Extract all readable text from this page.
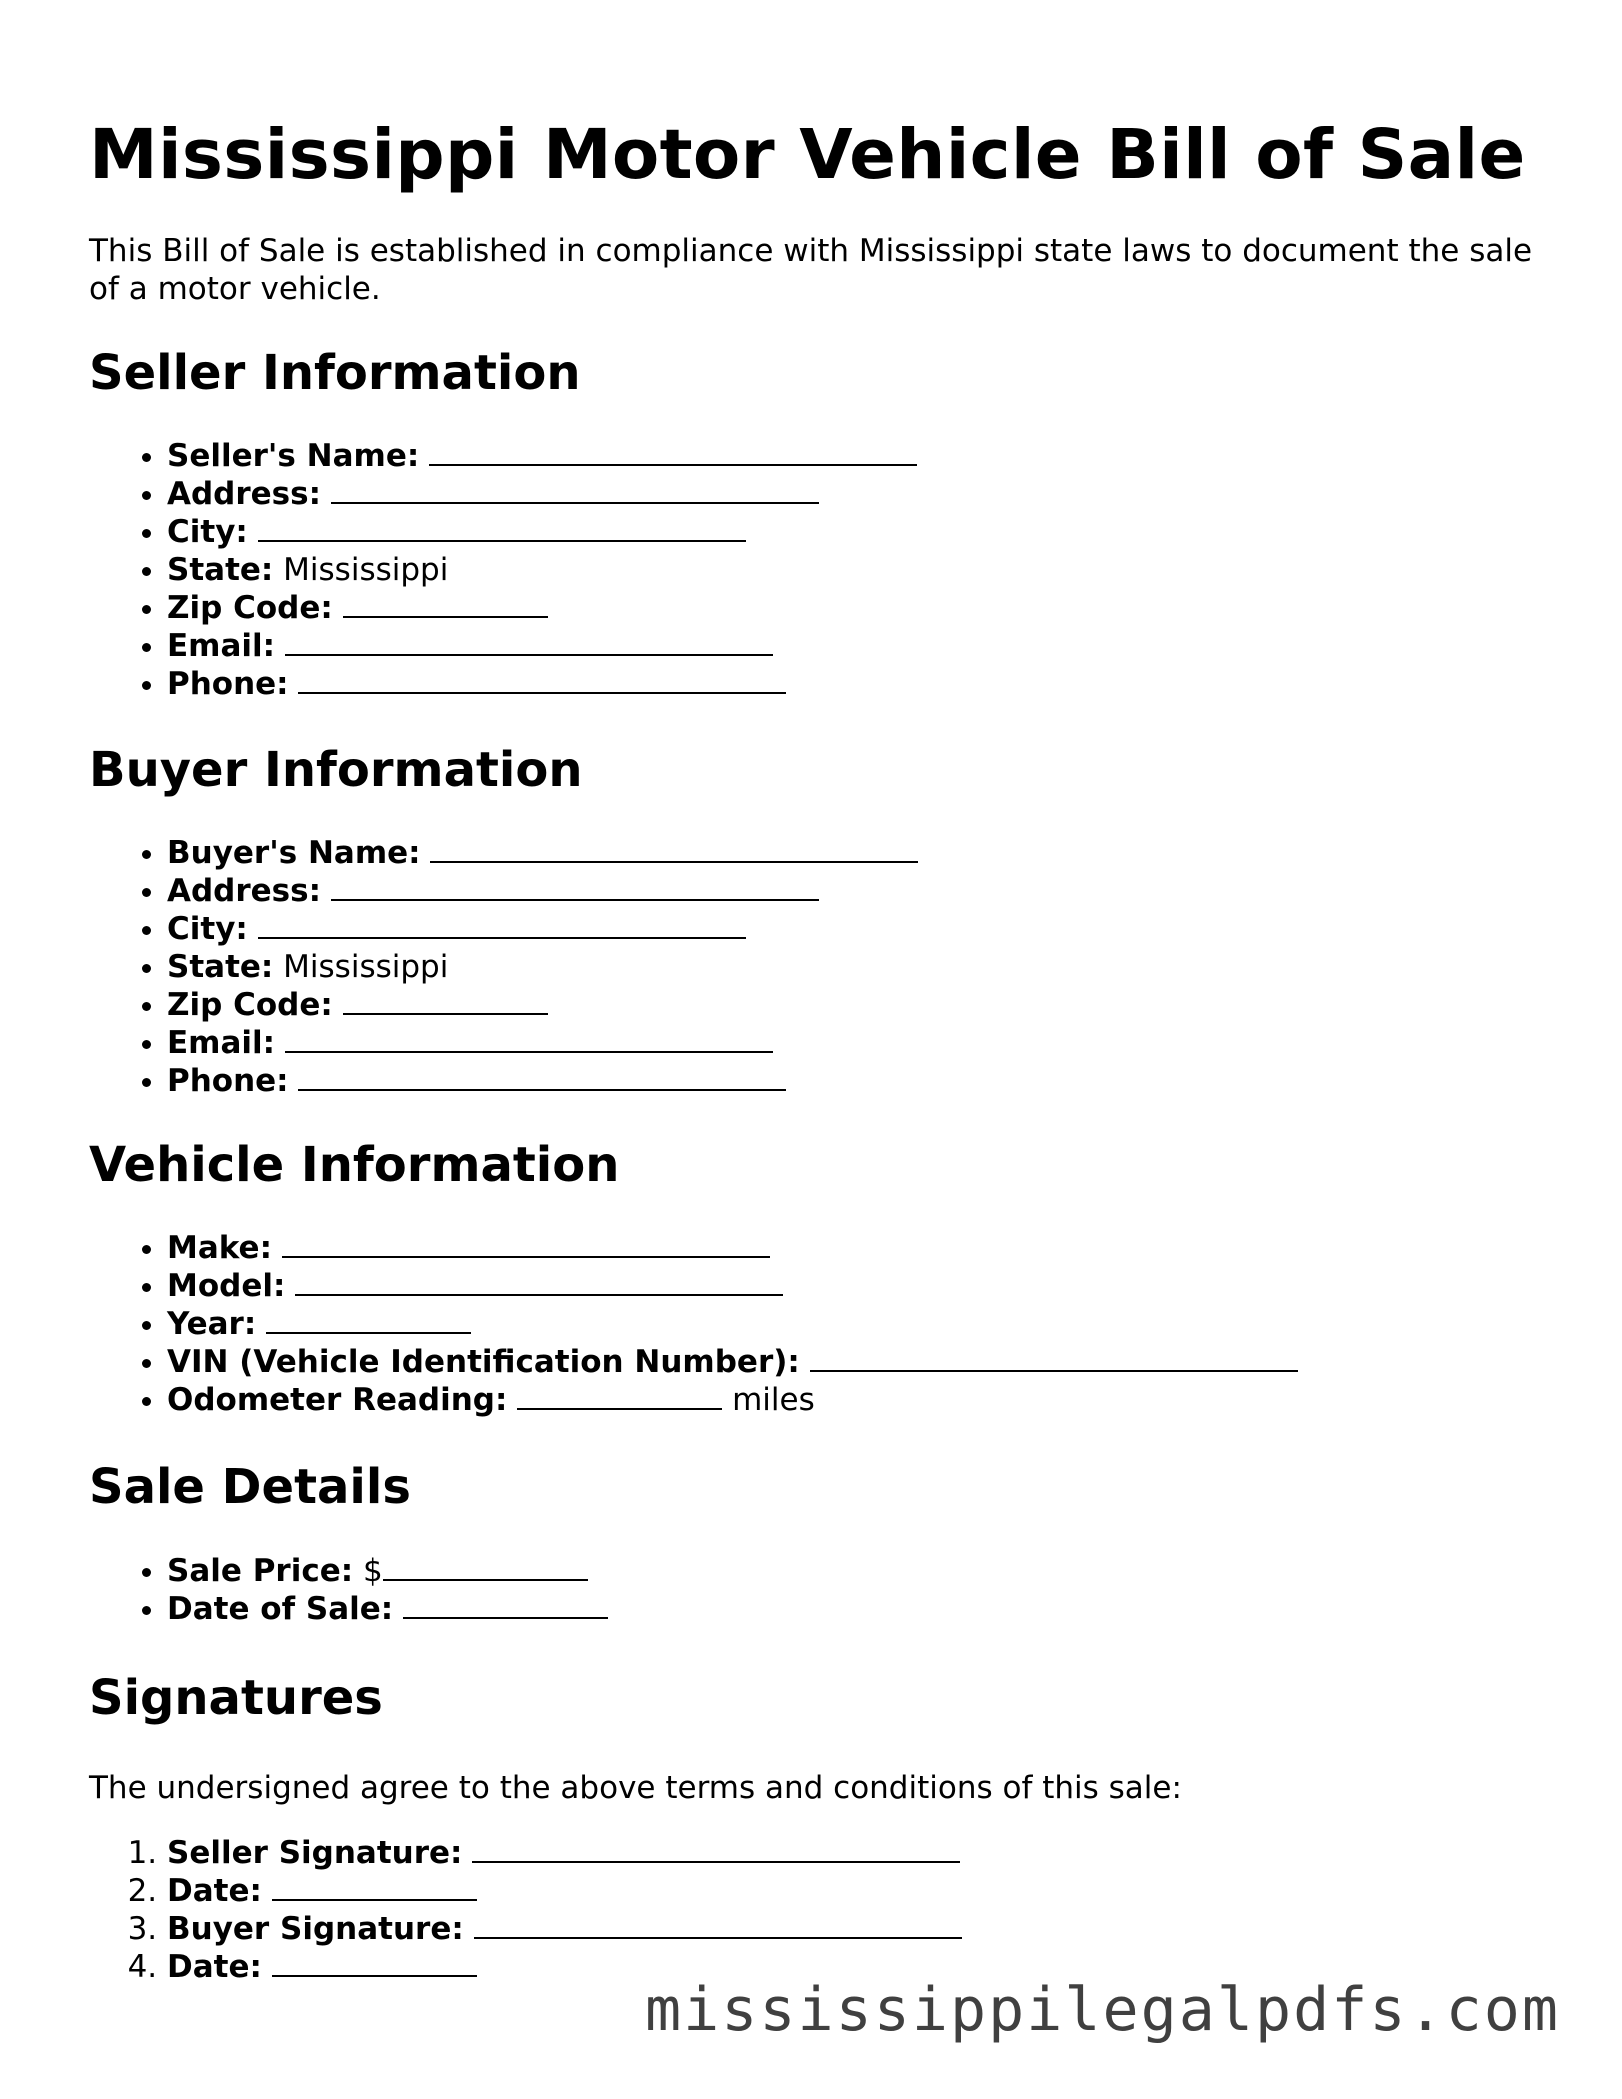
Mississippi Motor Vehicle Bill of Sale

This Bill of Sale is established in compliance with Mississippi state laws to document the sale of a motor vehicle.

Seller Information
• Seller's Name:
• Address:
• City:
• State: Mississippi
• Zip Code:
• Email:
• Phone:
Buyer Information
• Buyer's Name:
• Address:
• City:
• State: Mississippi
• Zip Code:
• Email:
• Phone:
Vehicle Information
• Make:
• Model:
• Year:
• VIN (Vehicle Identification Number):
• Odometer Reading:	miles
Sale Details
• Sale Price: $
• Date of Sale:
Signatures

The undersigned agree to the above terms and conditions of this sale:

1. Seller Signature:
2. Date:
3. Buyer Signature:
4. Date:
mississippilegalpdfs.com
